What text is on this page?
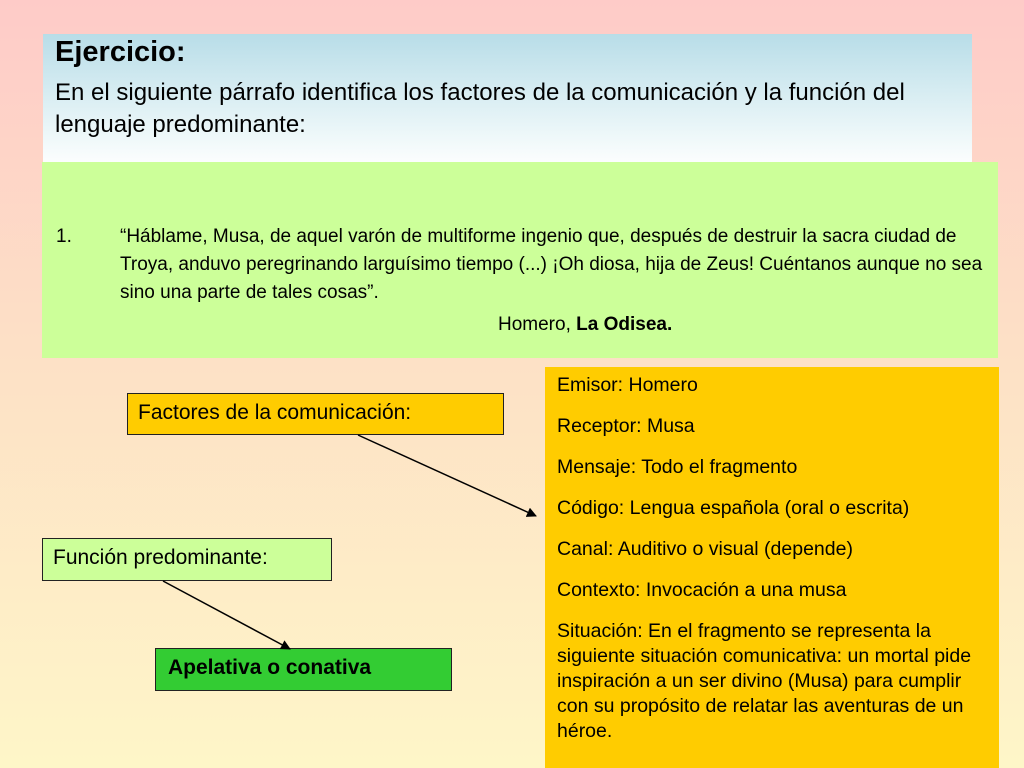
Ejercicio:

En el siguiente párrafo identifica los factores de la comunicación y la función del lenguaje predominante:

1.	“Háblame, Musa, de aquel varón de multiforme ingenio que, después de destruir la sacra ciudad de Troya, anduvo peregrinando larguísimo tiempo (...) ¡Oh diosa, hija de Zeus! Cuéntanos aunque no sea sino una parte de tales cosas”.
Homero, La Odisea.
Factores de la comunicación:
Función predominante:
Apelativa o conativa
Emisor: Homero
Receptor: Musa
Mensaje: Todo el fragmento
Código: Lengua española (oral o escrita)
Canal: Auditivo o visual (depende)
Contexto: Invocación a una musa
Situación: En el fragmento se representa la siguiente situación comunicativa: un mortal pide inspiración a un ser divino (Musa) para cumplir con su propósito de relatar las aventuras de un héroe.
